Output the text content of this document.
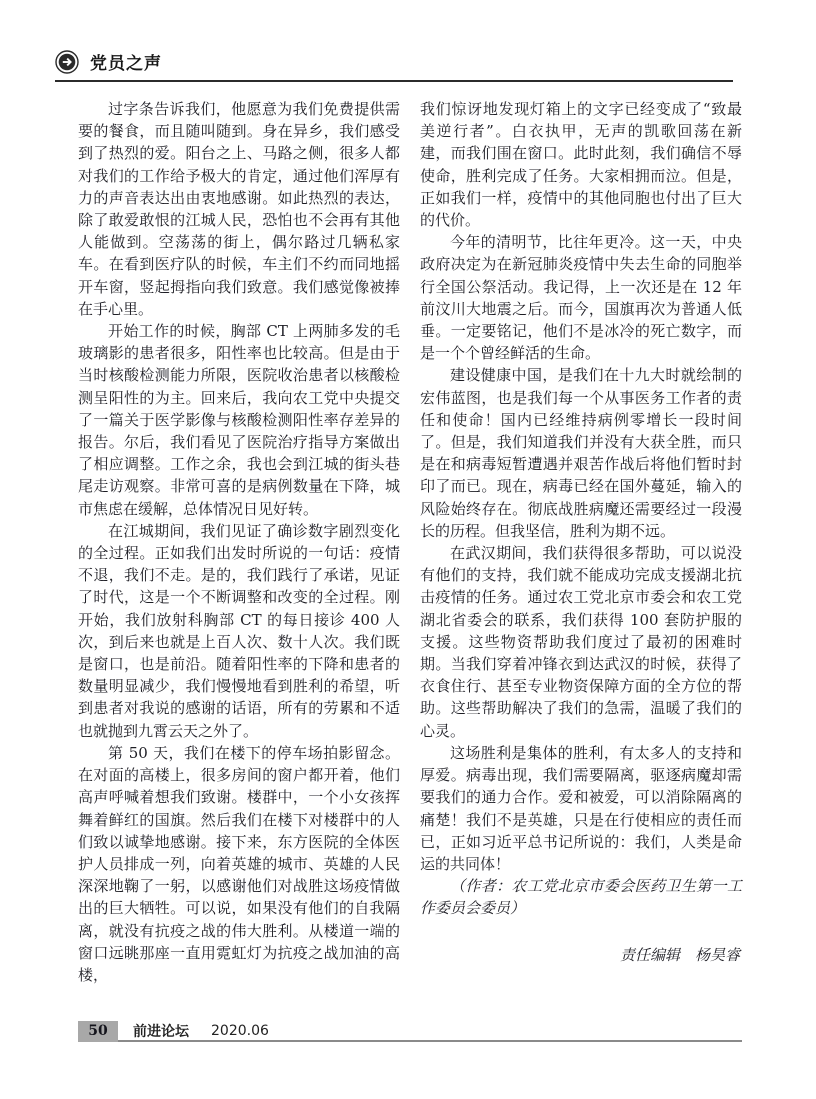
党员之声

过字条告诉我们，他愿意为我们免费提供需要的餐食，而且随叫随到。身在异乡，我们感受到了热烈的爱。阳台之上、马路之侧，很多人都对我们的工作给予极大的肯定，通过他们浑厚有力的声音表达出由衷地感谢。如此热烈的表达，除了敢爱敢恨的江城人民，恐怕也不会再有其他人能做到。空荡荡的街上，偶尔路过几辆私家车。在看到医疗队的时候，车主们不约而同地摇开车窗，竖起拇指向我们致意。我们感觉像被捧在手心里。

开始工作的时候，胸部 CT 上两肺多发的毛玻璃影的患者很多，阳性率也比较高。但是由于当时核酸检测能力所限，医院收治患者以核酸检测呈阳性的为主。回来后，我向农工党中央提交了一篇关于医学影像与核酸检测阳性率存差异的报告。尔后，我们看见了医院治疗指导方案做出了相应调整。工作之余，我也会到江城的街头巷尾走访观察。非常可喜的是病例数量在下降，城市焦虑在缓解，总体情况日见好转。

在江城期间，我们见证了确诊数字剧烈变化的全过程。正如我们出发时所说的一句话：疫情不退，我们不走。是的，我们践行了承诺，见证了时代，这是一个不断调整和改变的全过程。刚开始，我们放射科胸部 CT 的每日接诊 400 人次，到后来也就是上百人次、数十人次。我们既是窗口，也是前沿。随着阳性率的下降和患者的数量明显减少，我们慢慢地看到胜利的希望，听到患者对我说的感谢的话语，所有的劳累和不适也就抛到九霄云天之外了。

第 50 天，我们在楼下的停车场拍影留念。在对面的高楼上，很多房间的窗户都开着，他们高声呼喊着想我们致谢。楼群中，一个小女孩挥舞着鲜红的国旗。然后我们在楼下对楼群中的人们致以诚挚地感谢。接下来，东方医院的全体医护人员排成一列，向着英雄的城市、英雄的人民深深地鞠了一躬，以感谢他们对战胜这场疫情做出的巨大牺牲。可以说，如果没有他们的自我隔离，就没有抗疫之战的伟大胜利。从楼道一端的窗口远眺那座一直用霓虹灯为抗疫之战加油的高楼，

我们惊讶地发现灯箱上的文字已经变成了“致最美逆行者”。白衣执甲，无声的凯歌回荡在新建，而我们围在窗口。此时此刻，我们确信不辱使命，胜利完成了任务。大家相拥而泣。但是，正如我们一样，疫情中的其他同胞也付出了巨大的代价。

今年的清明节，比往年更冷。这一天，中央政府决定为在新冠肺炎疫情中失去生命的同胞举行全国公祭活动。我记得，上一次还是在 12 年前汶川大地震之后。而今，国旗再次为普通人低垂。一定要铭记，他们不是冰冷的死亡数字，而是一个个曾经鲜活的生命。

建设健康中国，是我们在十九大时就绘制的宏伟蓝图，也是我们每一个从事医务工作者的责任和使命！国内已经维持病例零增长一段时间了。但是，我们知道我们并没有大获全胜，而只是在和病毒短暂遭遇并艰苦作战后将他们暂时封印了而已。现在，病毒已经在国外蔓延，输入的风险始终存在。彻底战胜病魔还需要经过一段漫长的历程。但我坚信，胜利为期不远。

在武汉期间，我们获得很多帮助，可以说没有他们的支持，我们就不能成功完成支援湖北抗击疫情的任务。通过农工党北京市委会和农工党湖北省委会的联系，我们获得 100 套防护服的支援。这些物资帮助我们度过了最初的困难时期。当我们穿着冲锋衣到达武汉的时候，获得了衣食住行、甚至专业物资保障方面的全方位的帮助。这些帮助解决了我们的急需，温暖了我们的心灵。

这场胜利是集体的胜利，有太多人的支持和厚爱。病毒出现，我们需要隔离，驱逐病魔却需要我们的通力合作。爱和被爱，可以消除隔离的痛楚！我们不是英雄，只是在行使相应的责任而已，正如习近平总书记所说的：我们，人类是命运的共同体！

（作者：农工党北京市委会医药卫生第一工作委员会委员）

责任编辑 杨昊睿
50	前进论坛 2020.06
